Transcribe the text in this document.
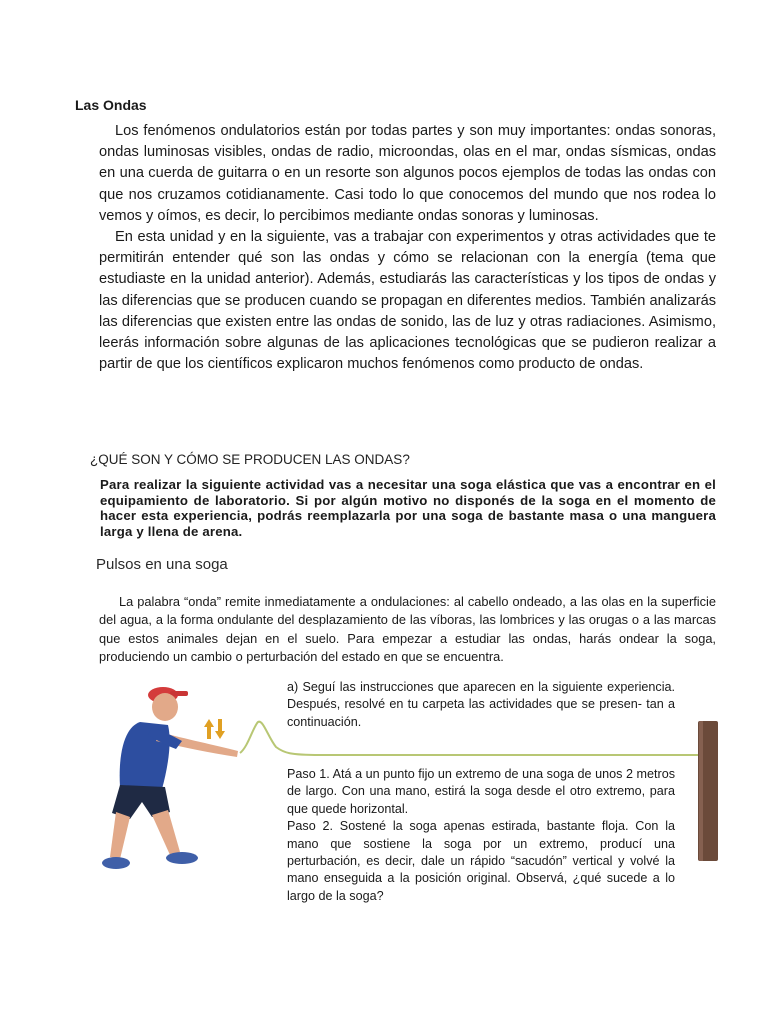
Las Ondas

Los fenómenos ondulatorios están por todas partes y son muy importantes: ondas sonoras, ondas luminosas visibles, ondas de radio, microondas, olas en el mar, ondas sísmicas, ondas en una cuerda de guitarra o en un resorte son algunos pocos ejemplos de todas las ondas con que nos cruzamos cotidianamente. Casi todo lo que conocemos del mundo que nos rodea lo vemos y oímos, es decir, lo percibimos mediante ondas sonoras y luminosas.

En esta unidad y en la siguiente, vas a trabajar con experimentos y otras actividades que te permitirán entender qué son las ondas y cómo se relacionan con la energía (tema que estudiaste en la unidad anterior). Además, estudiarás las características y los tipos de ondas y las diferencias que se producen cuando se propagan en diferentes medios. También analizarás las diferencias que existen entre las ondas de sonido, las de luz y otras radiaciones. Asimismo, leerás información sobre algunas de las aplicaciones tecnológicas que se pudieron realizar a partir de que los científicos explicaron muchos fenómenos como producto de ondas.

¿QUÉ SON Y CÓMO SE PRODUCEN LAS ONDAS?
Para realizar la siguiente actividad vas a necesitar una soga elástica que vas a encontrar en el equipamiento de laboratorio. Si por algún motivo no disponés de la soga en el momento de hacer esta experiencia, podrás reemplazarla por una soga de bastante masa o una manguera larga y llena de arena.
Pulsos en una soga

La palabra “onda” remite inmediatamente a ondulaciones: al cabello ondeado, a las olas en la superficie del agua, a la forma ondulante del desplazamiento de las víboras, las lombrices y las orugas o a las marcas que estos animales dejan en el suelo. Para empezar a estudiar las ondas, harás ondear la soga, produciendo un cambio o perturbación del estado en que se encuentra.

a) Seguí las instrucciones que aparecen en la siguiente experiencia. Después, resolvé en tu carpeta las actividades que se presen- tan a continuación.

Paso 1. Atá a un punto fijo un extremo de una soga de unos 2 metros de largo. Con una mano, estirá la soga desde el otro extremo, para que quede horizontal.

Paso 2. Sostené la soga apenas estirada, bastante floja. Con la mano que sostiene la soga por un extremo, producí una perturbación, es decir, dale un rápido “sacudón” vertical y volvé la mano enseguida a la posición original. Observá, ¿qué sucede a lo largo de la soga?
